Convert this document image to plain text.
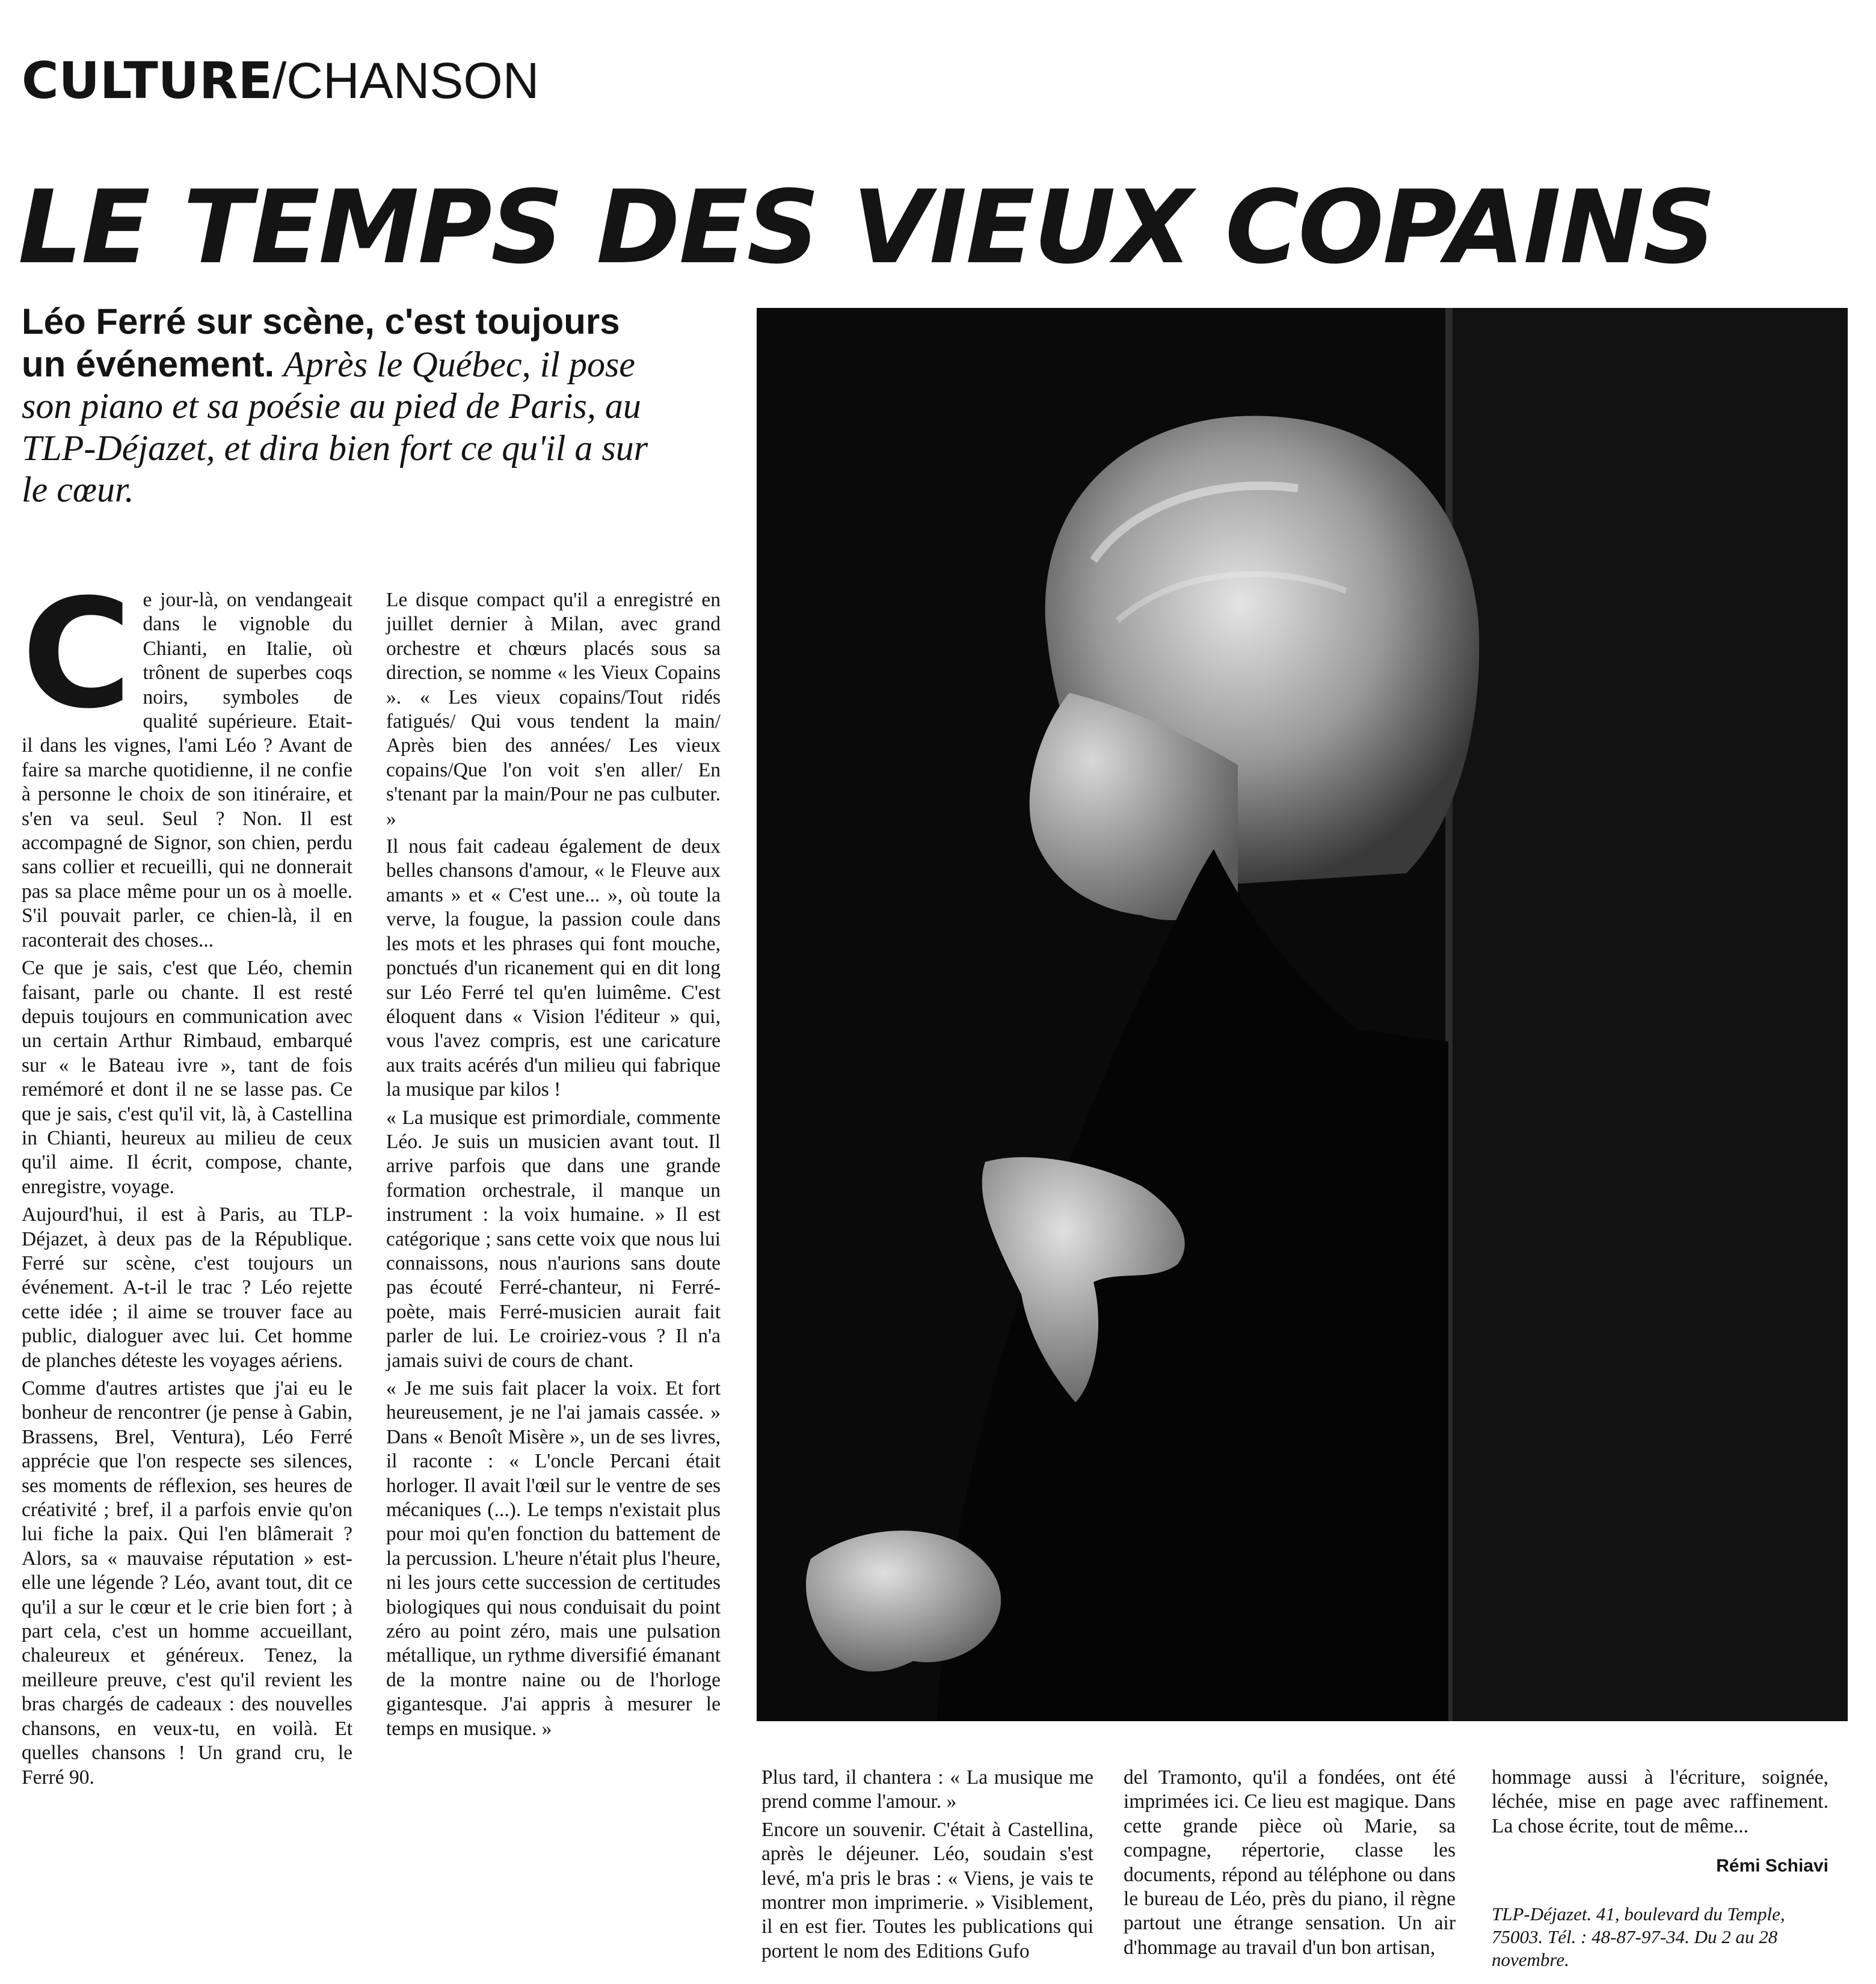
CULTURE/CHANSON
LE TEMPS DES VIEUX COPAINS
Léo Ferré sur scène, c'est toujours un événement. Après le Québec, il pose son piano et sa poésie au pied de Paris, au TLP-Déjazet, et dira bien fort ce qu'il a sur le cœur.

Ce jour-là, on vendangeait dans le vignoble du Chianti, en Italie, où trônent de superbes coqs noirs, symboles de qualité supérieure. Etait-il dans les vignes, l'ami Léo ? Avant de faire sa marche quotidienne, il ne confie à personne le choix de son itinéraire, et s'en va seul. Seul ? Non. Il est accompagné de Signor, son chien, perdu sans collier et recueilli, qui ne donnerait pas sa place même pour un os à moelle. S'il pouvait parler, ce chien-là, il en raconterait des choses...

Ce que je sais, c'est que Léo, chemin faisant, parle ou chante. Il est resté depuis toujours en communication avec un certain Arthur Rimbaud, embarqué sur « le Bateau ivre », tant de fois remémoré et dont il ne se lasse pas. Ce que je sais, c'est qu'il vit, là, à Castellina in Chianti, heureux au milieu de ceux qu'il aime. Il écrit, compose, chante, enregistre, voyage.

Aujourd'hui, il est à Paris, au TLP-Déjazet, à deux pas de la République. Ferré sur scène, c'est toujours un événement. A-t-il le trac ? Léo rejette cette idée ; il aime se trouver face au public, dialoguer avec lui. Cet homme de planches déteste les voyages aériens.

Comme d'autres artistes que j'ai eu le bonheur de rencontrer (je pense à Gabin, Brassens, Brel, Ventura), Léo Ferré apprécie que l'on respecte ses silences, ses moments de réflexion, ses heures de créativité ; bref, il a parfois envie qu'on lui fiche la paix. Qui l'en blâmerait ? Alors, sa « mauvaise réputation » est-elle une légende ? Léo, avant tout, dit ce qu'il a sur le cœur et le crie bien fort ; à part cela, c'est un homme accueillant, chaleureux et généreux. Tenez, la meilleure preuve, c'est qu'il revient les bras chargés de cadeaux : des nouvelles chansons, en veux-tu, en voilà. Et quelles chansons ! Un grand cru, le Ferré 90.

Le disque compact qu'il a enregistré en juillet dernier à Milan, avec grand orchestre et chœurs placés sous sa direction, se nomme « les Vieux Copains ». « Les vieux copains/Tout ridés fatigués/ Qui vous tendent la main/ Après bien des années/ Les vieux copains/Que l'on voit s'en aller/ En s'tenant par la main/Pour ne pas culbuter. »

Il nous fait cadeau également de deux belles chansons d'amour, « le Fleuve aux amants » et « C'est une... », où toute la verve, la fougue, la passion coule dans les mots et les phrases qui font mouche, ponctués d'un ricanement qui en dit long sur Léo Ferré tel qu'en luimême. C'est éloquent dans « Vision l'éditeur » qui, vous l'avez compris, est une caricature aux traits acérés d'un milieu qui fabrique la musique par kilos !

« La musique est primordiale, commente Léo. Je suis un musicien avant tout. Il arrive parfois que dans une grande formation orchestrale, il manque un instrument : la voix humaine. » Il est catégorique ; sans cette voix que nous lui connaissons, nous n'aurions sans doute pas écouté Ferré-chanteur, ni Ferré-poète, mais Ferré-musicien aurait fait parler de lui. Le croiriez-vous ? Il n'a jamais suivi de cours de chant.

« Je me suis fait placer la voix. Et fort heureusement, je ne l'ai jamais cassée. » Dans « Benoît Misère », un de ses livres, il raconte : « L'oncle Percani était horloger. Il avait l'œil sur le ventre de ses mécaniques (...). Le temps n'existait plus pour moi qu'en fonction du battement de la percussion. L'heure n'était plus l'heure, ni les jours cette succession de certitudes biologiques qui nous conduisait du point zéro au point zéro, mais une pulsation métallique, un rythme diversifié émanant de la montre naine ou de l'horloge gigantesque. J'ai appris à mesurer le temps en musique. »

Plus tard, il chantera : « La musique me prend comme l'amour. »

Encore un souvenir. C'était à Castellina, après le déjeuner. Léo, soudain s'est levé, m'a pris le bras : « Viens, je vais te montrer mon imprimerie. » Visiblement, il en est fier. Toutes les publications qui portent le nom des Editions Gufo

del Tramonto, qu'il a fondées, ont été imprimées ici. Ce lieu est magique. Dans cette grande pièce où Marie, sa compagne, répertorie, classe les documents, répond au téléphone ou dans le bureau de Léo, près du piano, il règne partout une étrange sensation. Un air d'hommage au travail d'un bon artisan,

hommage aussi à l'écriture, soignée, léchée, mise en page avec raffinement. La chose écrite, tout de même...

Rémi Schiavi
TLP-Déjazet. 41, boulevard du Temple, 75003. Tél. : 48-87-97-34. Du 2 au 28 novembre.
